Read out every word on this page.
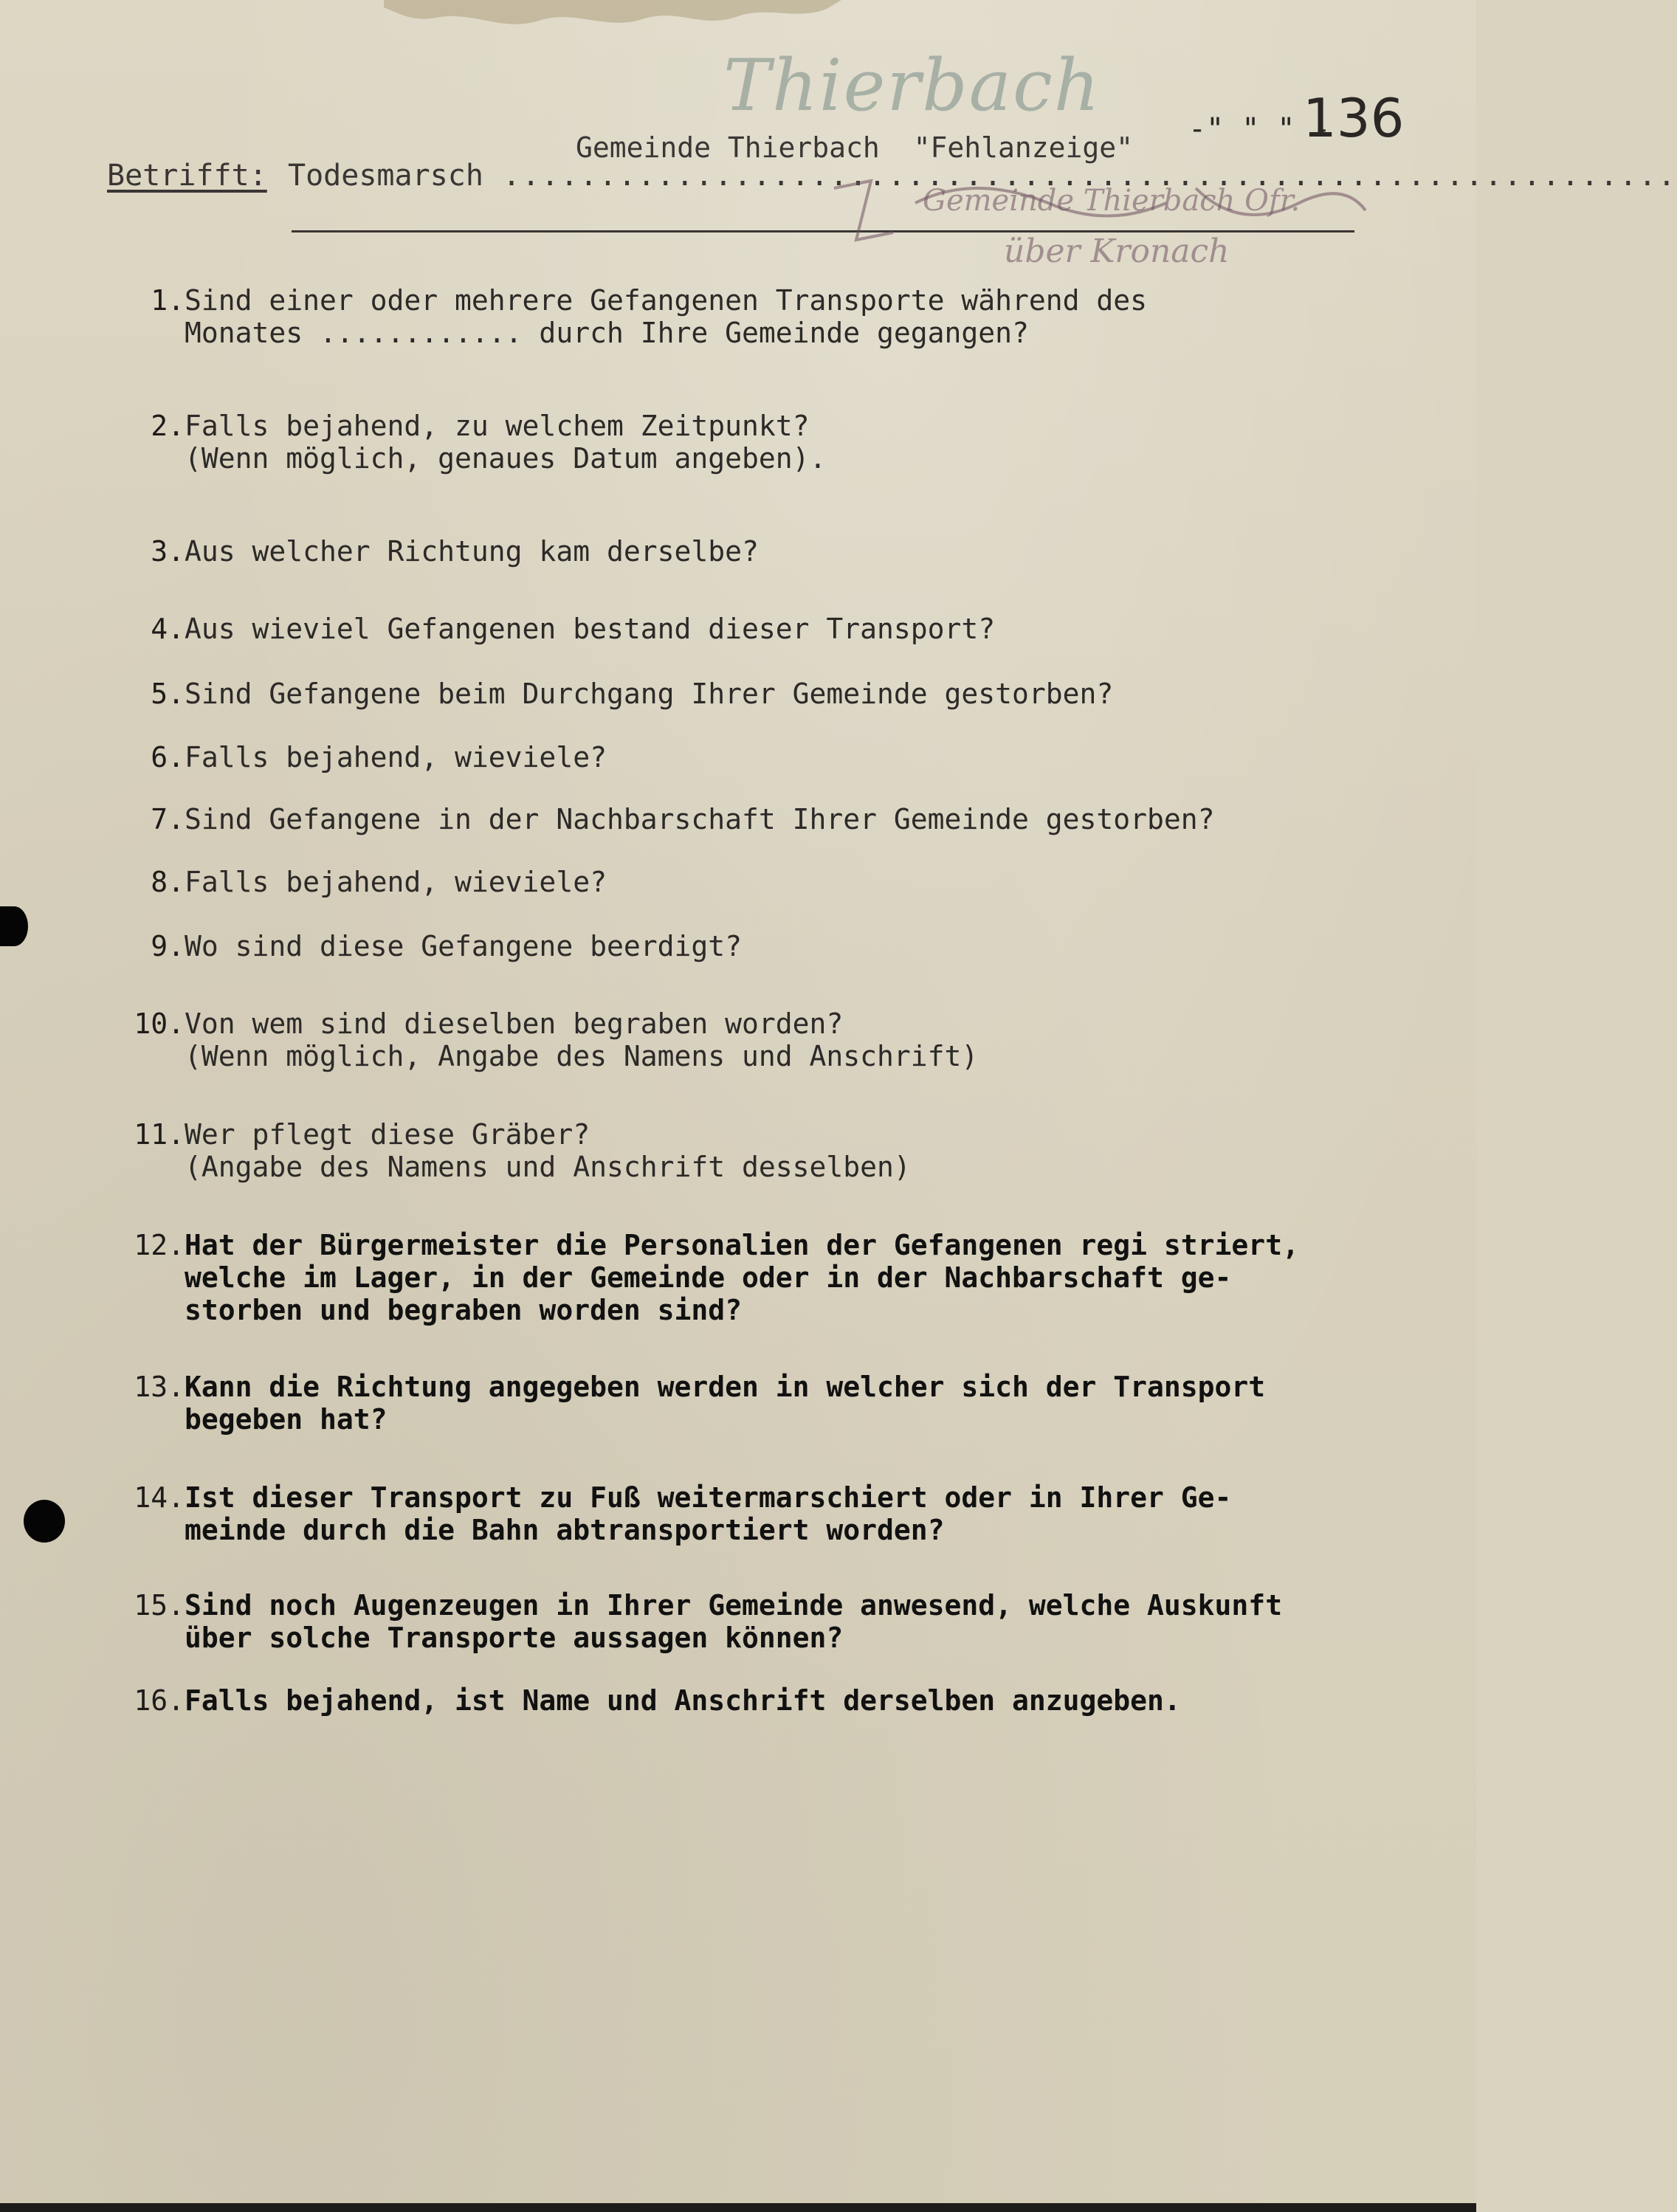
Thierbach
-" " " -
136
Gemeinde Thierbach "Fehlanzeige"
Betrifft: Todesmarsch .............................................................
Gemeinde Thierbach Ofr.
über Kronach
1. Sind einer oder mehrere Gefangenen Transporte während des
Monates ............ durch Ihre Gemeinde gegangen?
2. Falls bejahend, zu welchem Zeitpunkt?
(Wenn möglich, genaues Datum angeben).
3. Aus welcher Richtung kam derselbe?
4. Aus wieviel Gefangenen bestand dieser Transport?
5. Sind Gefangene beim Durchgang Ihrer Gemeinde gestorben?
6. Falls bejahend, wieviele?
7. Sind Gefangene in der Nachbarschaft Ihrer Gemeinde gestorben?
8. Falls bejahend, wieviele?
9. Wo sind diese Gefangene beerdigt?
10. Von wem sind dieselben begraben worden?
(Wenn möglich, Angabe des Namens und Anschrift)
11. Wer pflegt diese Gräber?
(Angabe des Namens und Anschrift desselben)
12. Hat der Bürgermeister die Personalien der Gefangenen regi striert,
welche im Lager, in der Gemeinde oder in der Nachbarschaft ge-
storben und begraben worden sind?
13. Kann die Richtung angegeben werden in welcher sich der Transport
begeben hat?
14. Ist dieser Transport zu Fuß weitermarschiert oder in Ihrer Ge-
meinde durch die Bahn abtransportiert worden?
15. Sind noch Augenzeugen in Ihrer Gemeinde anwesend, welche Auskunft
über solche Transporte aussagen können?
16. Falls bejahend, ist Name und Anschrift derselben anzugeben.
